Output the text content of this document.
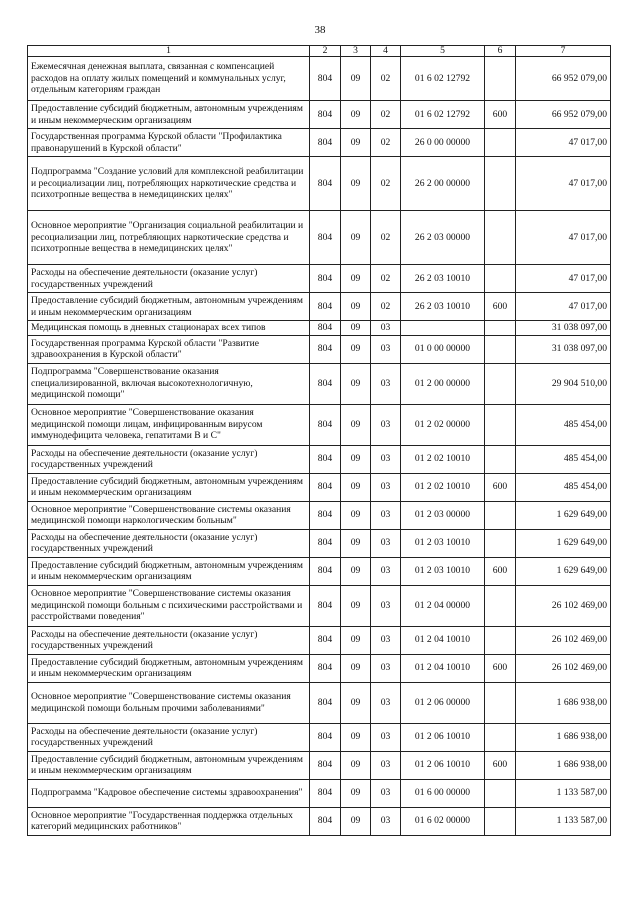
38
1	2	3	4	5	6	7
Ежемесячная денежная выплата, связанная с компенсацией расходов на оплату жилых помещений и коммунальных услуг, отдельным категориям граждан	804	09	02	01 6 02 12792		66 952 079,00
Предоставление субсидий бюджетным, автономным учреждениям и иным некоммерческим организациям	804	09	02	01 6 02 12792	600	66 952 079,00
Государственная программа Курской области "Профилактика правонарушений в Курской области"	804	09	02	26 0 00 00000		47 017,00
Подпрограмма "Создание условий для комплексной реабилитации и ресоциализации лиц, потребляющих наркотические средства и психотропные вещества в немедицинских целях"	804	09	02	26 2 00 00000		47 017,00
Основное мероприятие "Организация социальной реабилитации и ресоциализации лиц, потребляющих наркотические средства и психотропные вещества в немедицинских целях"	804	09	02	26 2 03 00000		47 017,00
Расходы на обеспечение деятельности (оказание услуг) государственных учреждений	804	09	02	26 2 03 10010		47 017,00
Предоставление субсидий бюджетным, автономным учреждениям и иным некоммерческим организациям	804	09	02	26 2 03 10010	600	47 017,00
Медицинская помощь в дневных стационарах всех типов	804	09	03			31 038 097,00
Государственная программа Курской области "Развитие здравоохранения в Курской области"	804	09	03	01 0 00 00000		31 038 097,00
Подпрограмма "Совершенствование оказания специализированной, включая высокотехнологичную, медицинской помощи"	804	09	03	01 2 00 00000		29 904 510,00
Основное мероприятие "Совершенствование оказания медицинской помощи лицам, инфицированным вирусом иммунодефицита человека, гепатитами В и С"	804	09	03	01 2 02 00000		485 454,00
Расходы на обеспечение деятельности (оказание услуг) государственных учреждений	804	09	03	01 2 02 10010		485 454,00
Предоставление субсидий бюджетным, автономным учреждениям и иным некоммерческим организациям	804	09	03	01 2 02 10010	600	485 454,00
Основное мероприятие "Совершенствование системы оказания медицинской помощи наркологическим больным"	804	09	03	01 2 03 00000		1 629 649,00
Расходы на обеспечение деятельности (оказание услуг) государственных учреждений	804	09	03	01 2 03 10010		1 629 649,00
Предоставление субсидий бюджетным, автономным учреждениям и иным некоммерческим организациям	804	09	03	01 2 03 10010	600	1 629 649,00
Основное мероприятие "Совершенствование системы оказания медицинской помощи больным с психическими расстройствами и расстройствами поведения"	804	09	03	01 2 04 00000		26 102 469,00
Расходы на обеспечение деятельности (оказание услуг) государственных учреждений	804	09	03	01 2 04 10010		26 102 469,00
Предоставление субсидий бюджетным, автономным учреждениям и иным некоммерческим организациям	804	09	03	01 2 04 10010	600	26 102 469,00
Основное мероприятие "Совершенствование системы оказания медицинской помощи больным прочими заболеваниями"	804	09	03	01 2 06 00000		1 686 938,00
Расходы на обеспечение деятельности (оказание услуг) государственных учреждений	804	09	03	01 2 06 10010		1 686 938,00
Предоставление субсидий бюджетным, автономным учреждениям и иным некоммерческим организациям	804	09	03	01 2 06 10010	600	1 686 938,00
Подпрограмма "Кадровое обеспечение системы здравоохранения"	804	09	03	01 6 00 00000		1 133 587,00
Основное мероприятие "Государственная поддержка отдельных категорий медицинских работников"	804	09	03	01 6 02 00000		1 133 587,00
